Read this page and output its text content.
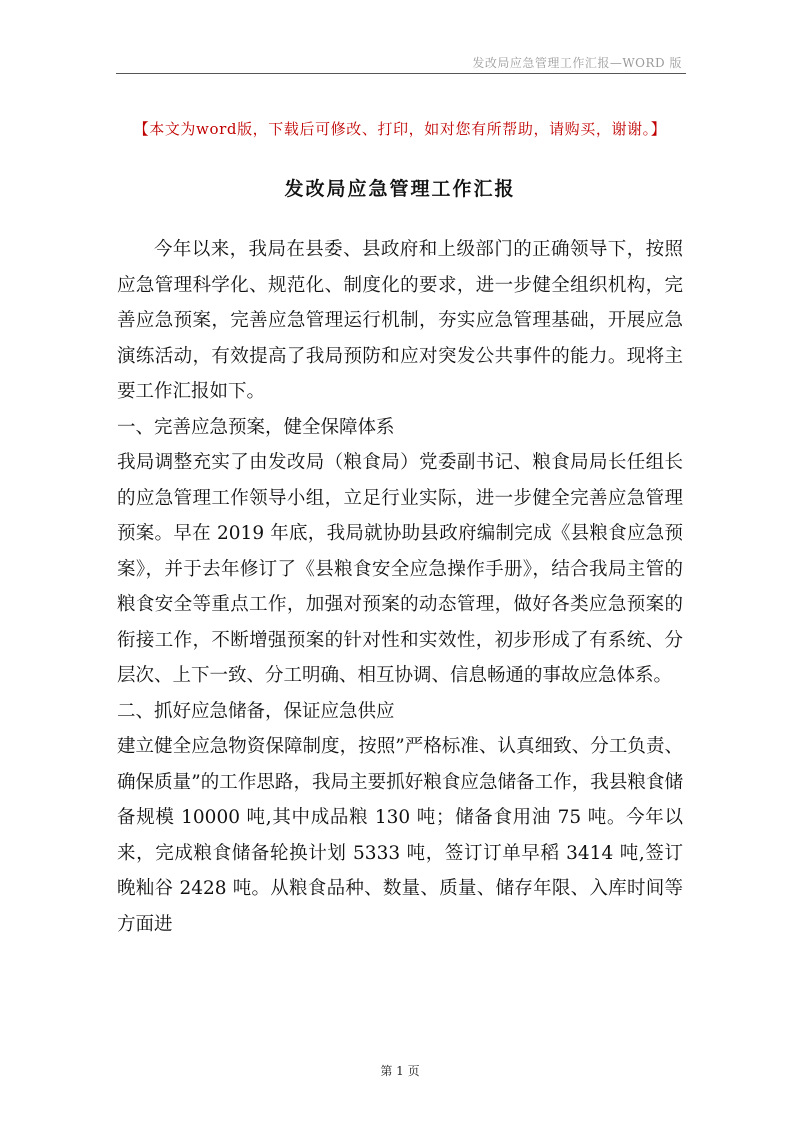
发改局应急管理工作汇报—WORD 版
【本文为word版，下载后可修改、打印，如对您有所帮助，请购买，谢谢。】
发改局应急管理工作汇报

今年以来，我局在县委、县政府和上级部门的正确领导下，按照应急管理科学化、规范化、制度化的要求，进一步健全组织机构，完善应急预案，完善应急管理运行机制，夯实应急管理基础，开展应急演练活动，有效提高了我局预防和应对突发公共事件的能力。现将主要工作汇报如下。

一、完善应急预案，健全保障体系

我局调整充实了由发改局（粮食局）党委副书记、粮食局局长任组长的应急管理工作领导小组，立足行业实际，进一步健全完善应急管理预案。早在 2019 年底，我局就协助县政府编制完成《县粮食应急预案》，并于去年修订了《县粮食安全应急操作手册》，结合我局主管的粮食安全等重点工作，加强对预案的动态管理，做好各类应急预案的衔接工作，不断增强预案的针对性和实效性，初步形成了有系统、分层次、上下一致、分工明确、相互协调、信息畅通的事故应急体系。

二、抓好应急储备，保证应急供应

建立健全应急物资保障制度，按照”严格标准、认真细致、分工负责、确保质量”的工作思路，我局主要抓好粮食应急储备工作，我县粮食储备规模 10000 吨,其中成品粮 130 吨；储备食用油 75 吨。今年以来，完成粮食储备轮换计划 5333 吨，签订订单早稻 3414 吨,签订晚籼谷 2428 吨。从粮食品种、数量、质量、储存年限、入库时间等方面进

第 1 页
